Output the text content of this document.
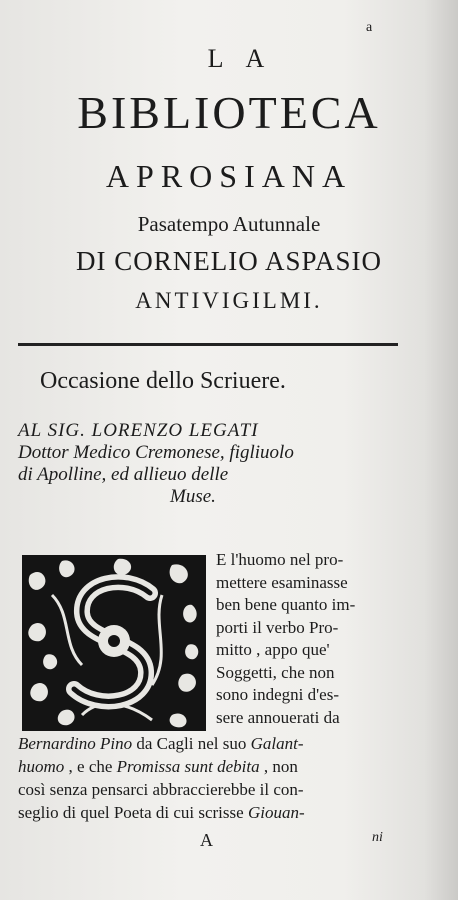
a
LA
BIBLIOTECA
APROSIANA
Pasatempo Autunnale
DI CORNELIO ASPASIO
ANTIVIGILMI.
Occasione dello Scriuere.
AL SIG. LORENZO LEGATI
Dottor Medico Cremonese, figliuolo
di Apolline, ed allieuo delle
Muse.
E l'huomo nel pro-
mettere esaminasse
ben bene quanto im-
porti il verbo Pro-
mitto , appo que'
Soggetti, che non
sono indegni d'es-
sere annouerati da
Bernardino Pino da Cagli nel suo Galant-
huomo , e che Promissa sunt debita , non
così senza pensarci abbraccierebbe il con-
seglio di quel Poeta di cui scrisse Giouan-
A	ni
